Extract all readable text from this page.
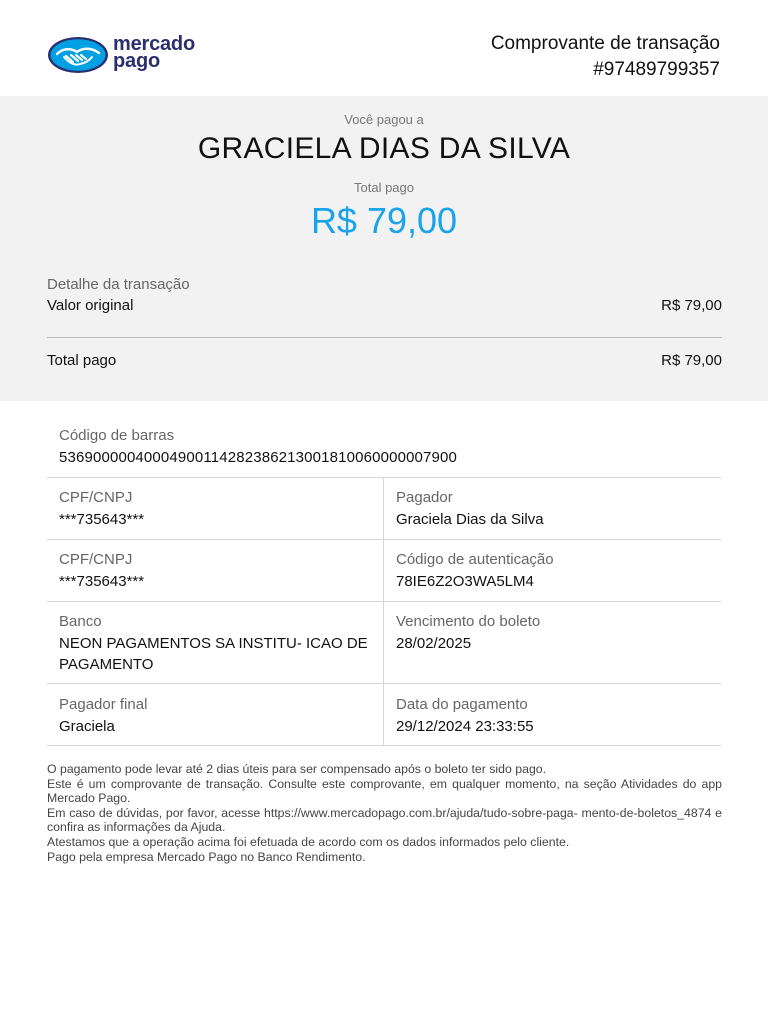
mercado
pago
Comprovante de transação
#97489799357
Você pagou a
GRACIELA DIAS DA SILVA
Total pago
R$ 79,00
Detalhe da transação
Valor original	R$ 79,00
Total pago	R$ 79,00
Código de barras
53690000040004900114282386213001810060000007900
CPF/CNPJ
***735643***
Pagador
Graciela Dias da Silva
CPF/CNPJ
***735643***
Código de autenticação
78IE6Z2O3WA5LM4
Banco
NEON PAGAMENTOS SA INSTITU- ICAO DE PAGAMENTO
Vencimento do boleto
28/02/2025
Pagador final
Graciela
Data do pagamento
29/12/2024 23:33:55

O pagamento pode levar até 2 dias úteis para ser compensado após o boleto ter sido pago.

Este é um comprovante de transação. Consulte este comprovante, em qualquer momento, na seção Atividades do app Mercado Pago.

Em caso de dúvidas, por favor, acesse https://www.mercadopago.com.br/ajuda/tudo-sobre-paga- mento-de-boletos_4874 e confira as informações da Ajuda.

Atestamos que a operação acima foi efetuada de acordo com os dados informados pelo cliente.

Pago pela empresa Mercado Pago no Banco Rendimento.
